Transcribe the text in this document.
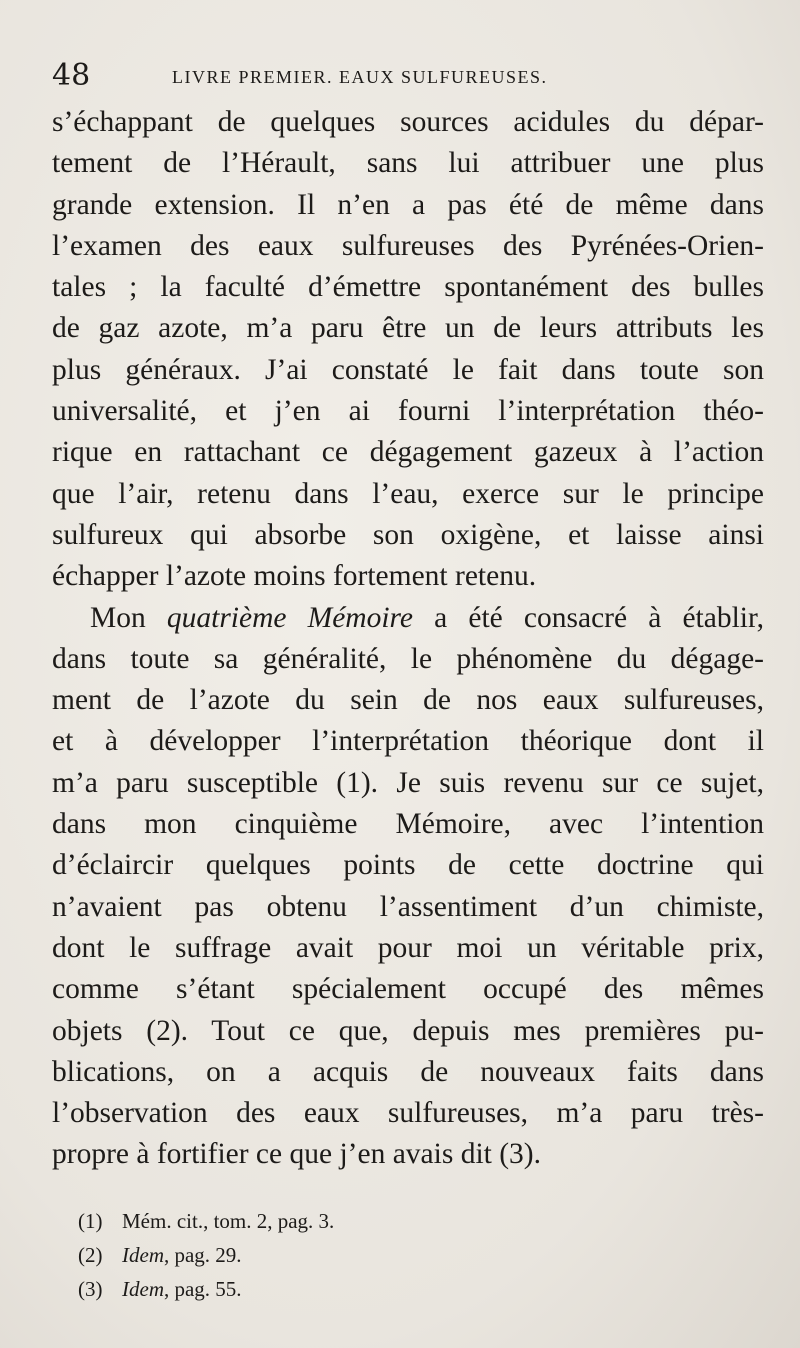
48	LIVRE PREMIER. EAUX SULFUREUSES.
s’échappant de quelques sources acidules du dépar-
tement de l’Hérault, sans lui attribuer une plus
grande extension. Il n’en a pas été de même dans
l’examen des eaux sulfureuses des Pyrénées-Orien-
tales ; la faculté d’émettre spontanément des bulles
de gaz azote, m’a paru être un de leurs attributs les
plus généraux. J’ai constaté le fait dans toute son
universalité, et j’en ai fourni l’interprétation théo-
rique en rattachant ce dégagement gazeux à l’action
que l’air, retenu dans l’eau, exerce sur le principe
sulfureux qui absorbe son oxigène, et laisse ainsi
échapper l’azote moins fortement retenu.
Mon quatrième Mémoire a été consacré à établir,
dans toute sa généralité, le phénomène du dégage-
ment de l’azote du sein de nos eaux sulfureuses,
et à développer l’interprétation théorique dont il
m’a paru susceptible (1). Je suis revenu sur ce sujet,
dans mon cinquième Mémoire, avec l’intention
d’éclaircir quelques points de cette doctrine qui
n’avaient pas obtenu l’assentiment d’un chimiste,
dont le suffrage avait pour moi un véritable prix,
comme s’étant spécialement occupé des mêmes
objets (2). Tout ce que, depuis mes premières pu-
blications, on a acquis de nouveaux faits dans
l’observation des eaux sulfureuses, m’a paru très-
propre à fortifier ce que j’en avais dit (3).
(1) Mém. cit., tom. 2, pag. 3.
(2) Idem, pag. 29.
(3) Idem, pag. 55.
